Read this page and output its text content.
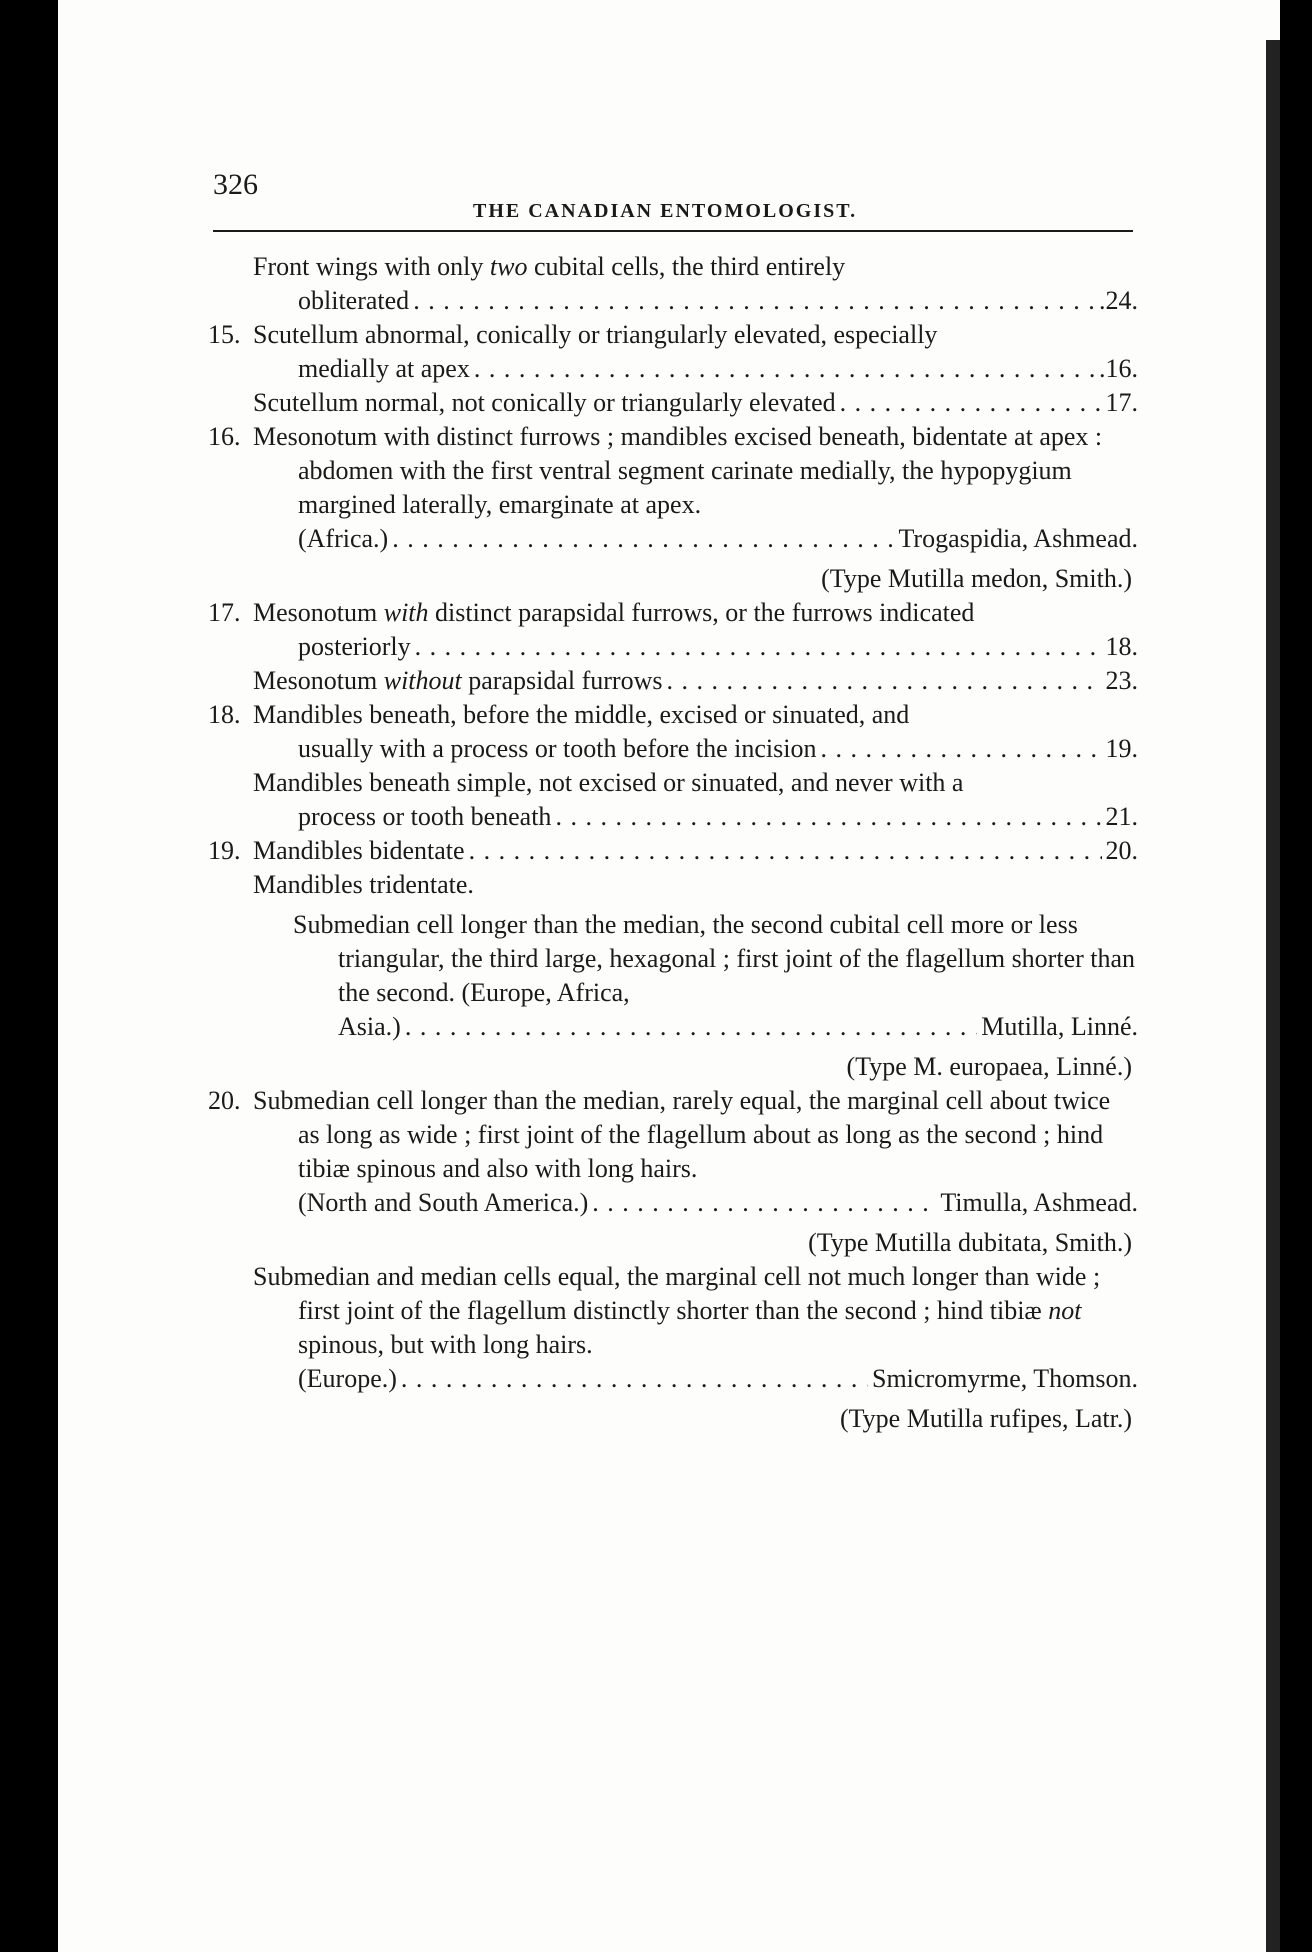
326
THE CANADIAN ENTOMOLOGIST.

Front wings with only two cubital cells, the third entirely

obliterated . . .	.24.

15. Scutellum abnormal, conically or triangularly elevated, especially

medially at apex . . .	.16.
Scutellum normal, not conically or triangularly elevated . . .	17.

16. Mesonotum with distinct furrows ; mandibles excised beneath, bidentate at apex : abdomen with the first ventral segment carinate medially, the hypopygium margined laterally, emarginate at apex.

(Africa.) . . .	Trogaspidia, Ashmead.
(Type Mutilla medon, Smith.)

17. Mesonotum with distinct parapsidal furrows, or the furrows indicated

posteriorly . . .	18.
Mesonotum without parapsidal furrows . . .	23.

18. Mandibles beneath, before the middle, excised or sinuated, and

usually with a process or tooth before the incision . . .	19.

Mandibles beneath simple, not excised or sinuated, and never with a

process or tooth beneath . . .	21.
19. Mandibles bidentate . . .	20.

Mandibles tridentate.

Submedian cell longer than the median, the second cubital cell more or less triangular, the third large, hexagonal ; first joint of the flagellum shorter than the second. (Europe, Africa,

Asia.) . . .	Mutilla, Linné.
(Type M. europaea, Linné.)

20. Submedian cell longer than the median, rarely equal, the marginal cell about twice as long as wide ; first joint of the flagellum about as long as the second ; hind tibiæ spinous and also with long hairs.

(North and South America.) . . .	Timulla, Ashmead.
(Type Mutilla dubitata, Smith.)

Submedian and median cells equal, the marginal cell not much longer than wide ; first joint of the flagellum distinctly shorter than the second ; hind tibiæ not spinous, but with long hairs.

(Europe.) . . .	Smicromyrme, Thomson.
(Type Mutilla rufipes, Latr.)
